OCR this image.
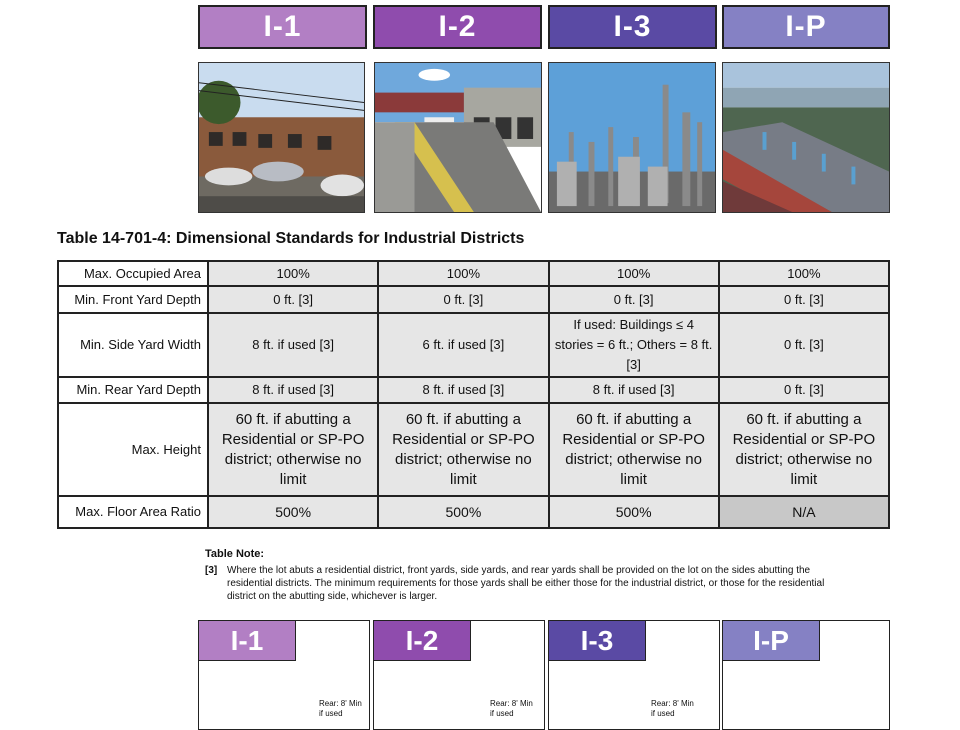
I-1	I-2	I-3	I-P
Table 14-701-4: Dimensional Standards for Industrial Districts
Max. Occupied Area	100%	100%	100%	100%
Min. Front Yard Depth	0 ft. [3]	0 ft. [3]	0 ft. [3]	0 ft. [3]
Min. Side Yard Width	8 ft. if used [3]	6 ft. if used [3]	If used: Buildings ≤ 4 stories = 6 ft.; Others = 8 ft. [3]	0 ft. [3]
Min. Rear Yard Depth	8 ft. if used [3]	8 ft. if used [3]	8 ft. if used [3]	0 ft. [3]
Max. Height	60 ft. if abutting a Residential or SP-PO district; otherwise no limit	60 ft. if abutting a Residential or SP-PO district; otherwise no limit	60 ft. if abutting a Residential or SP-PO district; otherwise no limit	60 ft. if abutting a Residential or SP-PO district; otherwise no limit
Max. Floor Area Ratio	500%	500%	500%	N/A
Table Note:
[3] Where the lot abuts a residential district, front yards, side yards, and rear yards shall be provided on the lot on the sides abutting the residential districts. The minimum requirements for those yards shall be either those for the industrial district, or those for the residential district on the abutting side, whichever is larger.
I-1
Rear: 8' Min if used
I-2
Rear: 8' Min if used
I-3
Rear: 8' Min if used
I-P
